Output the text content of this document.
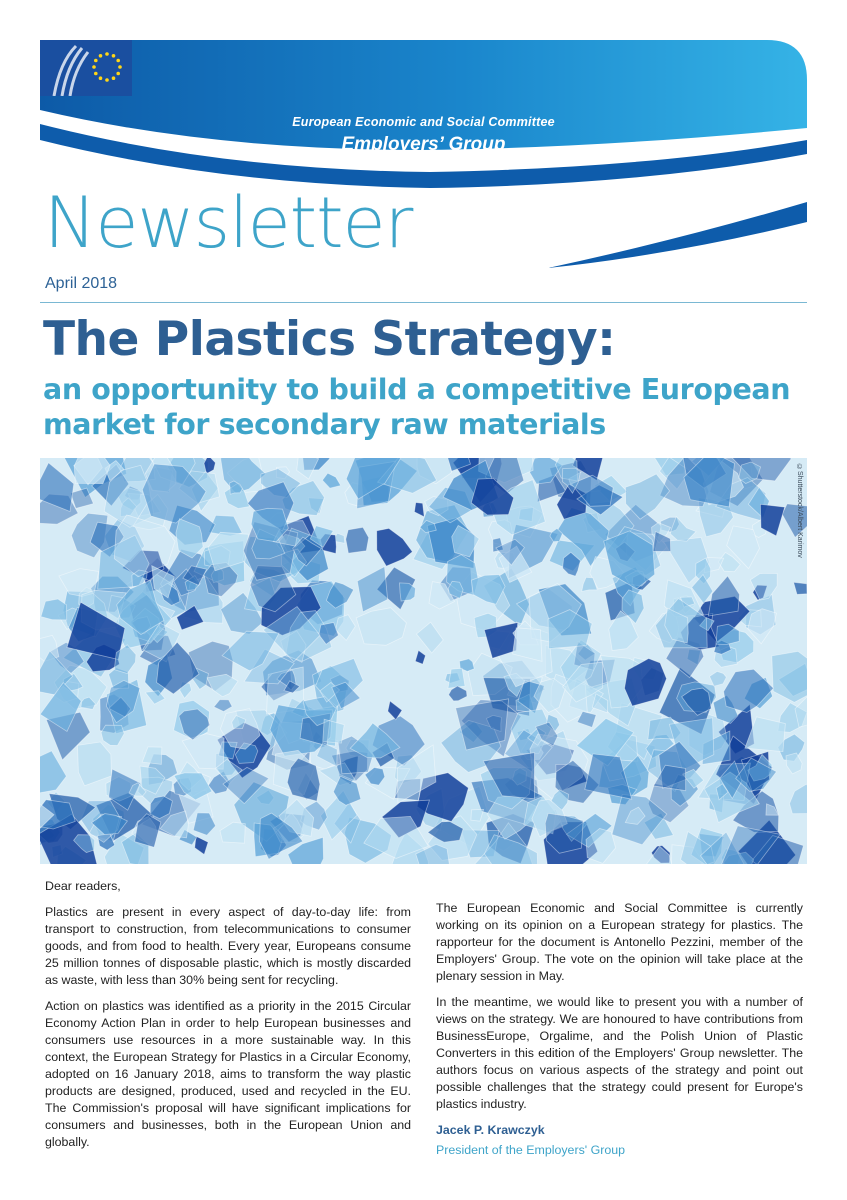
European Economic and Social Committee
Employers’ Group
Newsletter
April 2018
The Plastics Strategy:
an opportunity to build a competitive European market for secondary raw materials
©Shutterstock/Albert Karimov
Dear readers,

Plastics are present in every aspect of day-to-day life: from transport to construction, from telecommunications to consumer goods, and from food to health. Every year, Europeans consume 25 million tonnes of disposable plastic, which is mostly discarded as waste, with less than 30% being sent for recycling.

Action on plastics was identified as a priority in the 2015 Circular Economy Action Plan in order to help European businesses and consumers use resources in a more sustainable way. In this context, the European Strategy for Plastics in a Circular Economy, adopted on 16 January 2018, aims to transform the way plastic products are designed, produced, used and recycled in the EU. The Commission's proposal will have significant implications for consumers and businesses, both in the European Union and globally.

The European Economic and Social Committee is currently working on its opinion on a European strategy for plastics. The rapporteur for the document is Antonello Pezzini, member of the Employers' Group. The vote on the opinion will take place at the plenary session in May.

In the meantime, we would like to present you with a number of views on the strategy. We are honoured to have contributions from BusinessEurope, Orgalime, and the Polish Union of Plastic Converters in this edition of the Employers' Group newsletter. The authors focus on various aspects of the strategy and point out possible challenges that the strategy could present for Europe's plastics industry.

Jacek P. Krawczyk
President of the Employers' Group
